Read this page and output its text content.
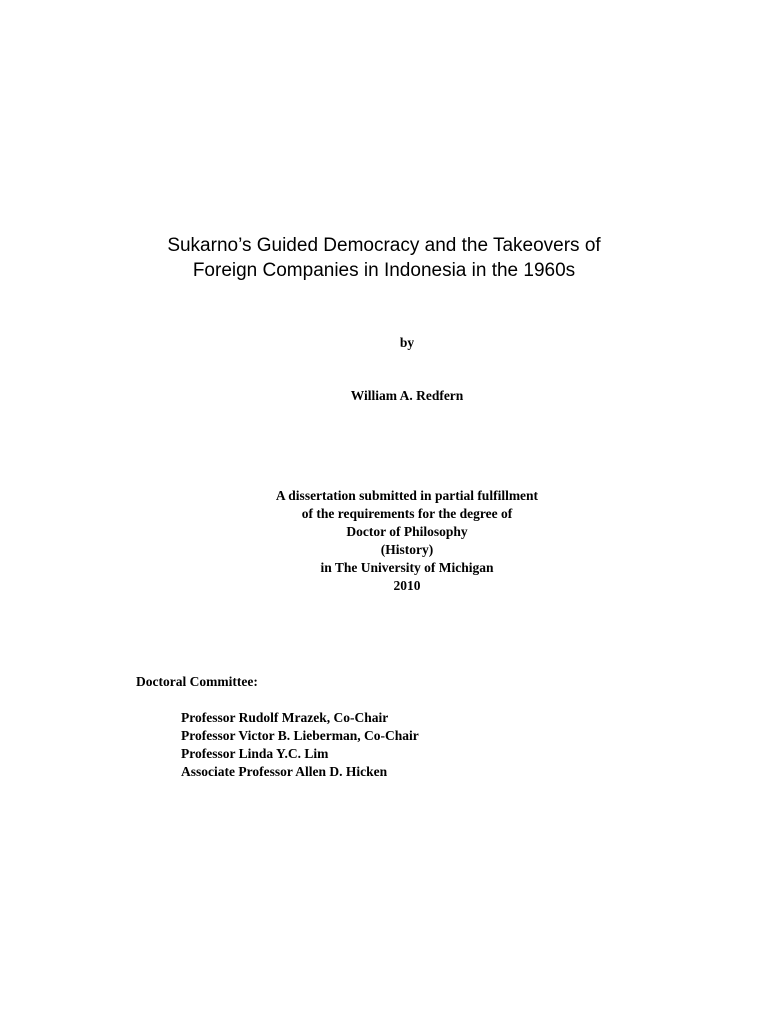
Sukarno’s Guided Democracy and the Takeovers of
Foreign Companies in Indonesia in the 1960s
by
William A. Redfern
A dissertation submitted in partial fulfillment
of the requirements for the degree of
Doctor of Philosophy
(History)
in The University of Michigan
2010
Doctoral Committee:
Professor Rudolf Mrazek, Co-Chair
Professor Victor B. Lieberman, Co-Chair
Professor Linda Y.C. Lim
Associate Professor Allen D. Hicken
